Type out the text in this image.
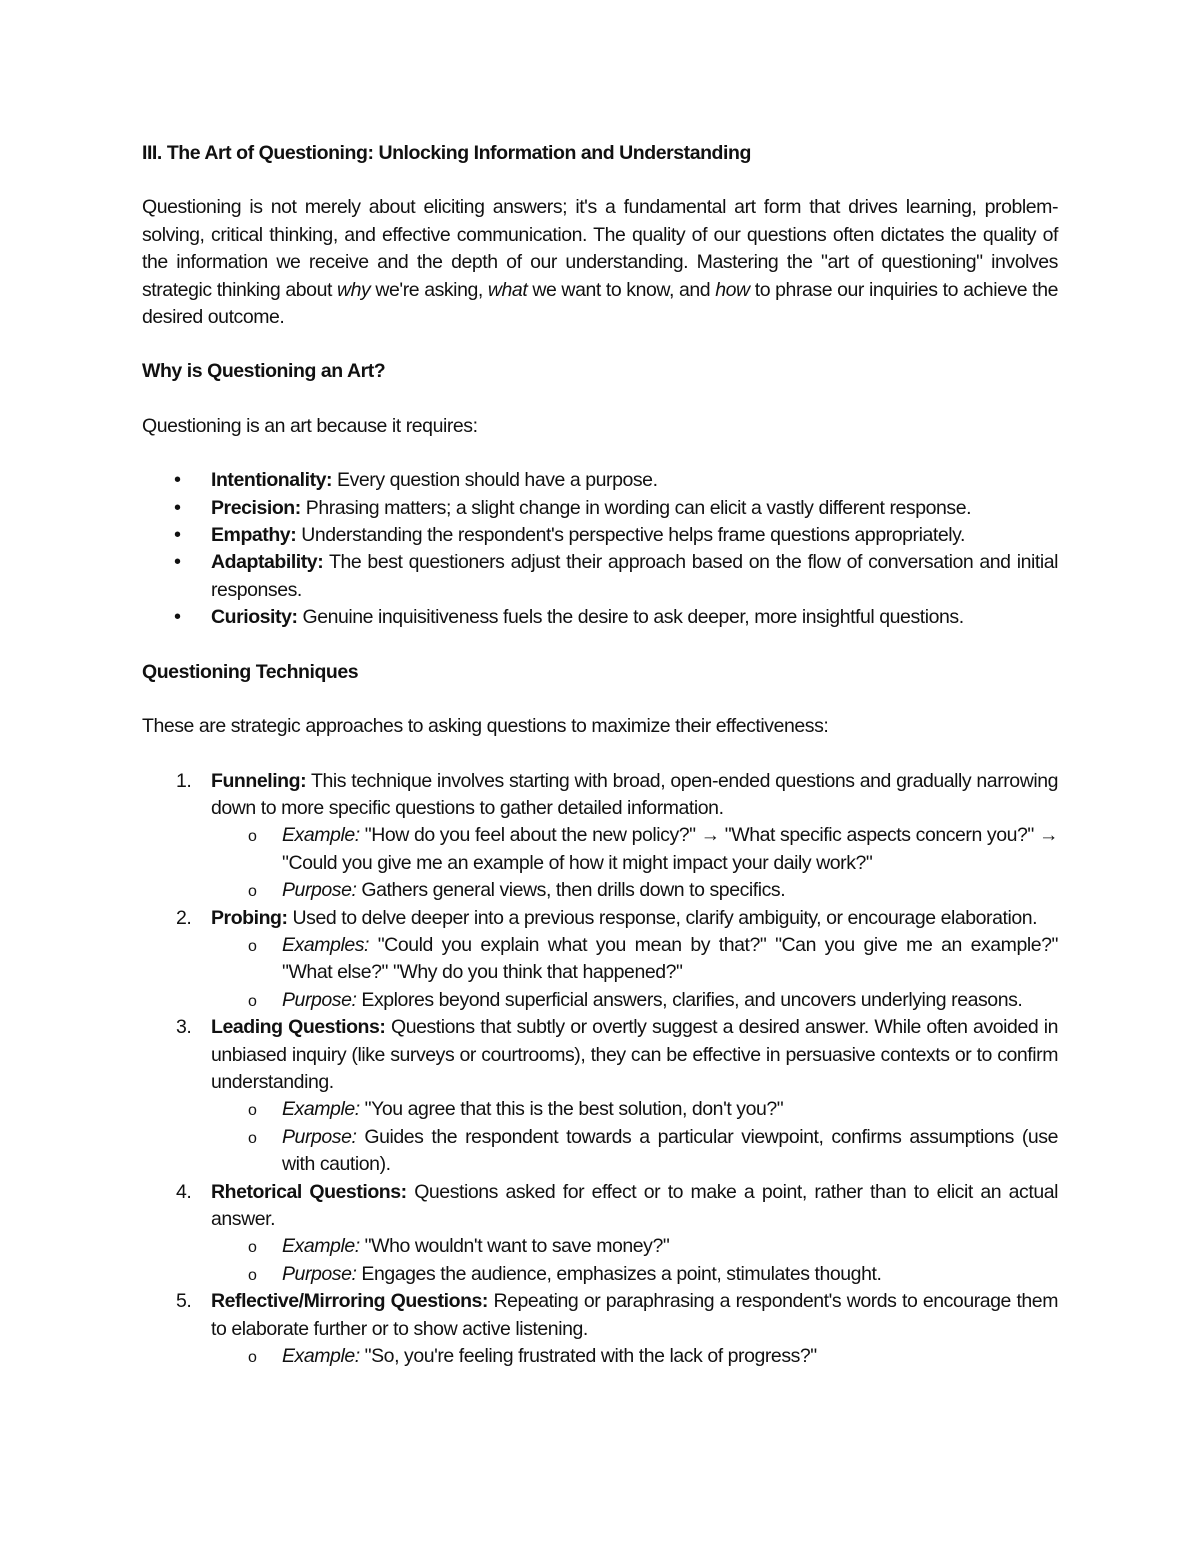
III. The Art of Questioning: Unlocking Information and Understanding

Questioning is not merely about eliciting answers; it's a fundamental art form that drives learning, problem-solving, critical thinking, and effective communication. The quality of our questions often dictates the quality of the information we receive and the depth of our understanding. Mastering the "art of questioning" involves strategic thinking about why we're asking, what we want to know, and how to phrase our inquiries to achieve the desired outcome.

Why is Questioning an Art?

Questioning is an art because it requires:

• Intentionality: Every question should have a purpose.
• Precision: Phrasing matters; a slight change in wording can elicit a vastly different response.
• Empathy: Understanding the respondent's perspective helps frame questions appropriately.
• Adaptability: The best questioners adjust their approach based on the flow of conversation and initial responses.
• Curiosity: Genuine inquisitiveness fuels the desire to ask deeper, more insightful questions.
Questioning Techniques

These are strategic approaches to asking questions to maximize their effectiveness:

1. Funneling: This technique involves starting with broad, open-ended questions and gradually narrowing down to more specific questions to gather detailed information.
o Example: "How do you feel about the new policy?" → "What specific aspects concern you?" → "Could you give me an example of how it might impact your daily work?"
o Purpose: Gathers general views, then drills down to specifics.
2. Probing: Used to delve deeper into a previous response, clarify ambiguity, or encourage elaboration.
o Examples: "Could you explain what you mean by that?" "Can you give me an example?" "What else?" "Why do you think that happened?"
o Purpose: Explores beyond superficial answers, clarifies, and uncovers underlying reasons.
3. Leading Questions: Questions that subtly or overtly suggest a desired answer. While often avoided in unbiased inquiry (like surveys or courtrooms), they can be effective in persuasive contexts or to confirm understanding.
o Example: "You agree that this is the best solution, don't you?"
o Purpose: Guides the respondent towards a particular viewpoint, confirms assumptions (use with caution).
4. Rhetorical Questions: Questions asked for effect or to make a point, rather than to elicit an actual answer.
o Example: "Who wouldn't want to save money?"
o Purpose: Engages the audience, emphasizes a point, stimulates thought.
5. Reflective/Mirroring Questions: Repeating or paraphrasing a respondent's words to encourage them to elaborate further or to show active listening.
o Example: "So, you're feeling frustrated with the lack of progress?"
